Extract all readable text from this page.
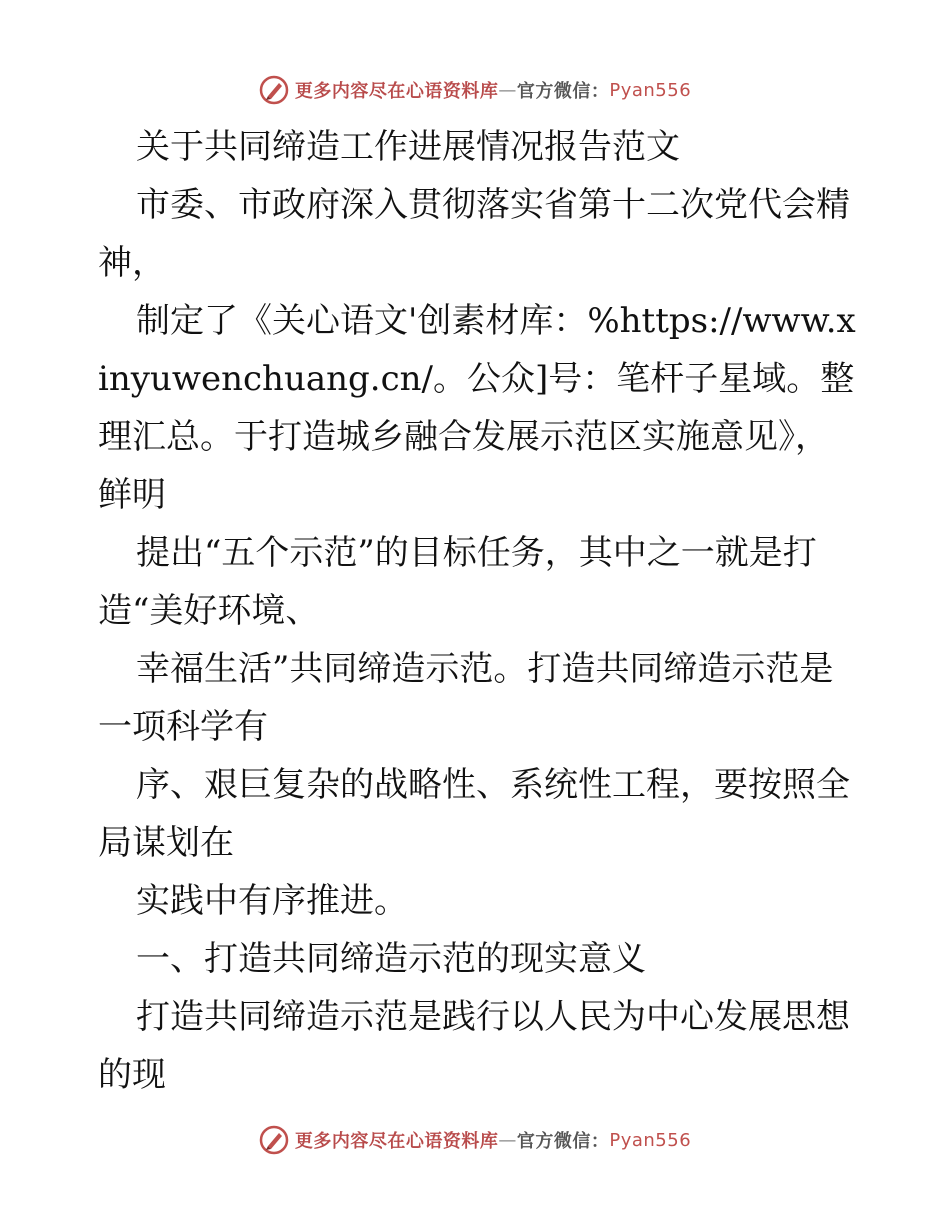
更多内容尽在心语资料库 — 官方微信： Pyan556

关于共同缔造工作进展情况报告范文

市委、市政府深入贯彻落实省第十二次党代会精神，

制定了《关心语文'创素材库：%https://www.xinyuwenchuang.cn/。公众]号：笔杆子星域。整理汇总。于打造城乡融合发展示范区实施意见》，鲜明

提出“五个示范”的目标任务，其中之一就是打造“美好环境、

幸福生活”共同缔造示范。打造共同缔造示范是一项科学有

序、艰巨复杂的战略性、系统性工程，要按照全局谋划在

实践中有序推进。

一、打造共同缔造示范的现实意义

打造共同缔造示范是践行以人民为中心发展思想的现

更多内容尽在心语资料库 — 官方微信： Pyan556
